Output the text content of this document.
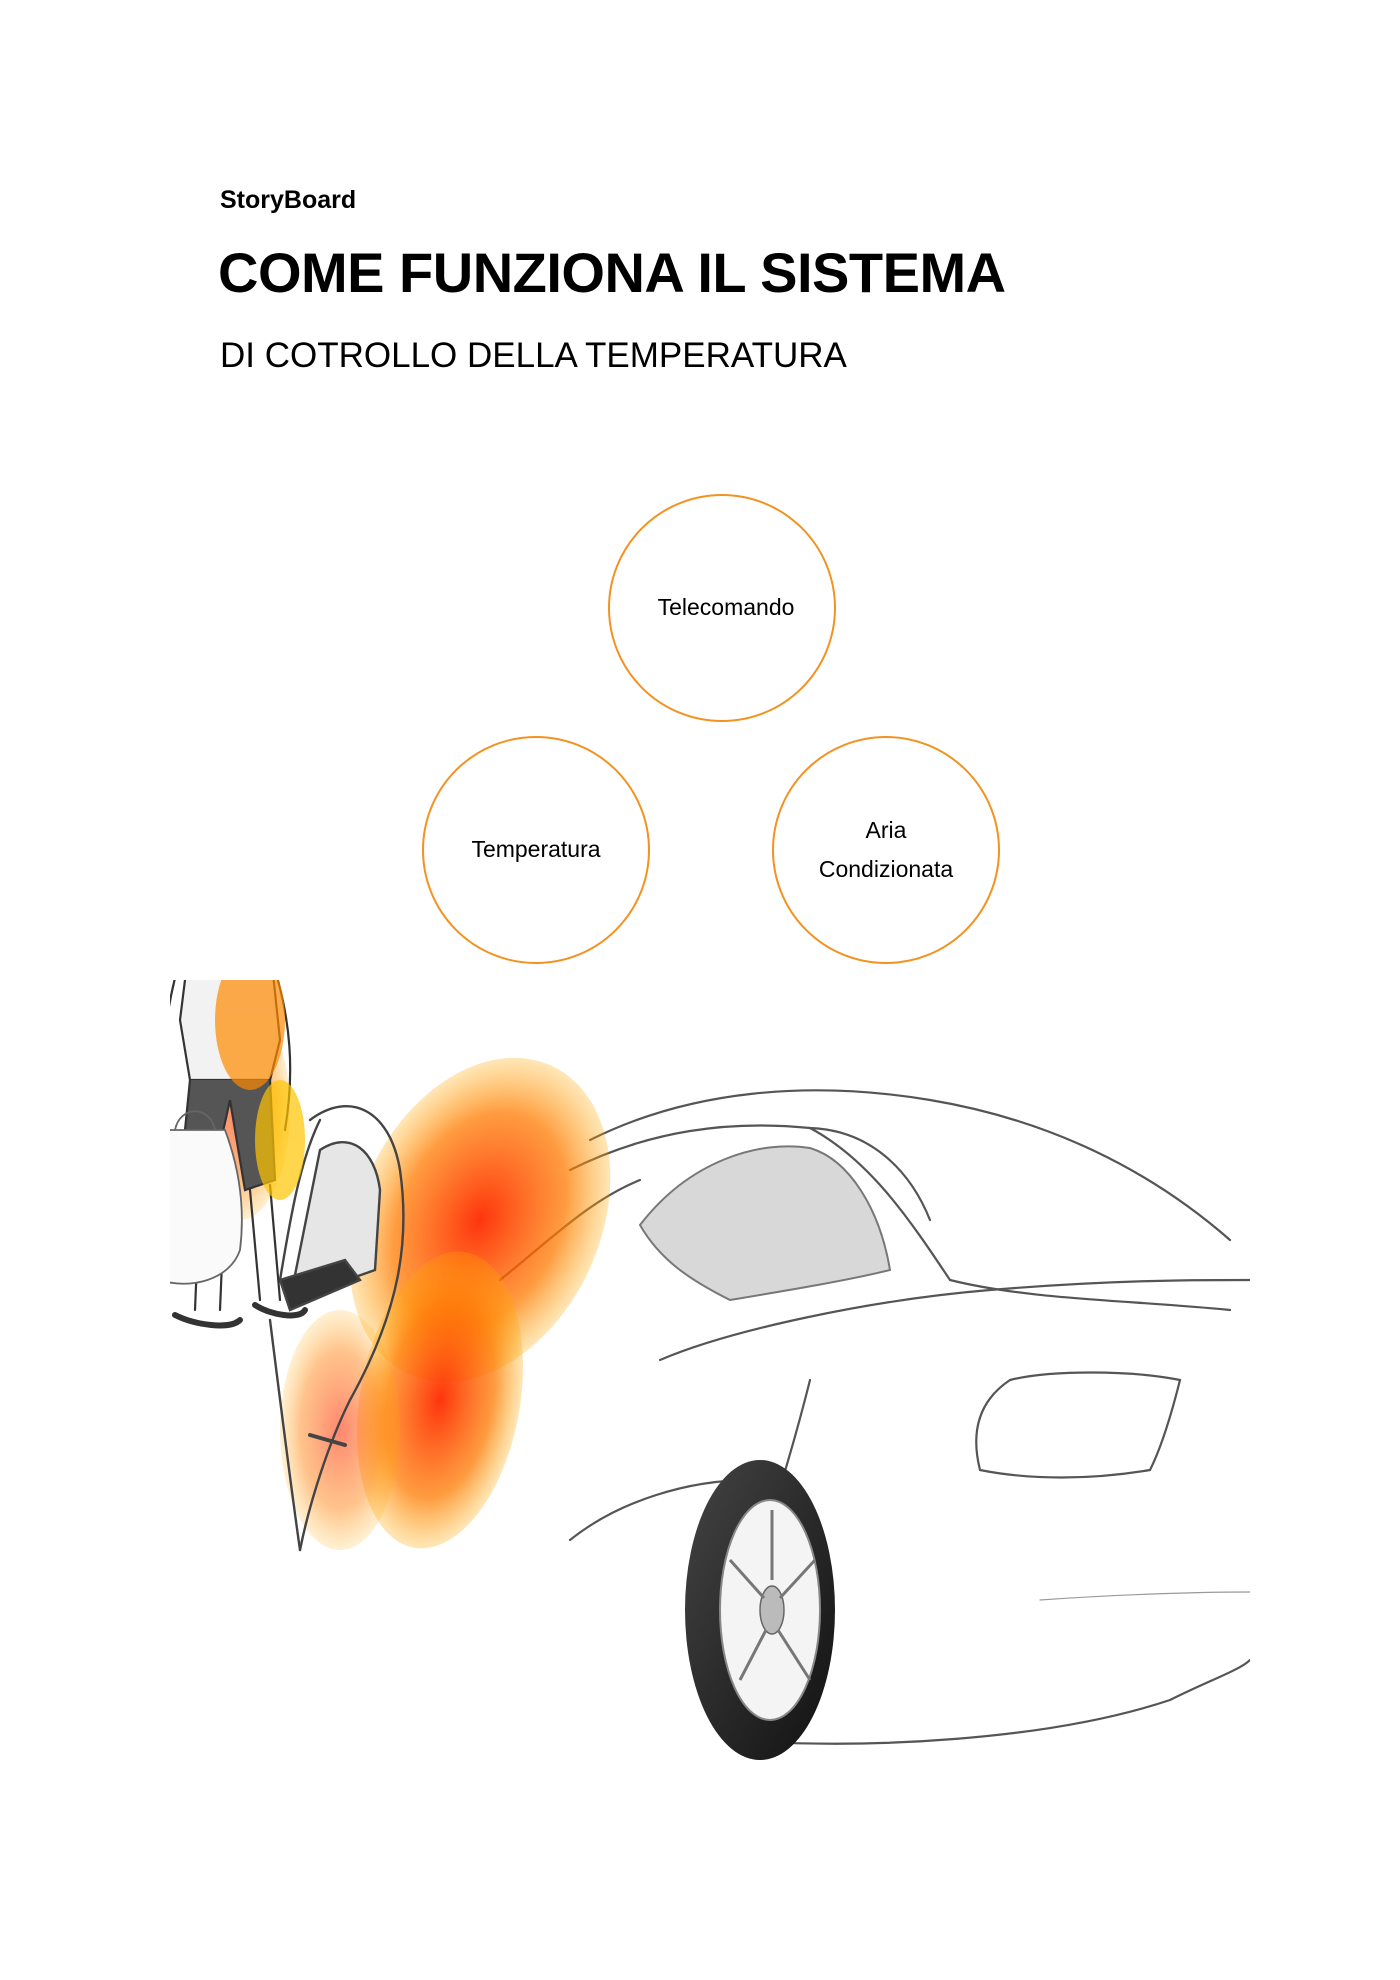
StoryBoard

COME FUNZIONA IL SISTEMA
DI COTROLLO DELLA TEMPERATURA
Telecomando
Temperatura
Aria
Condizionata
